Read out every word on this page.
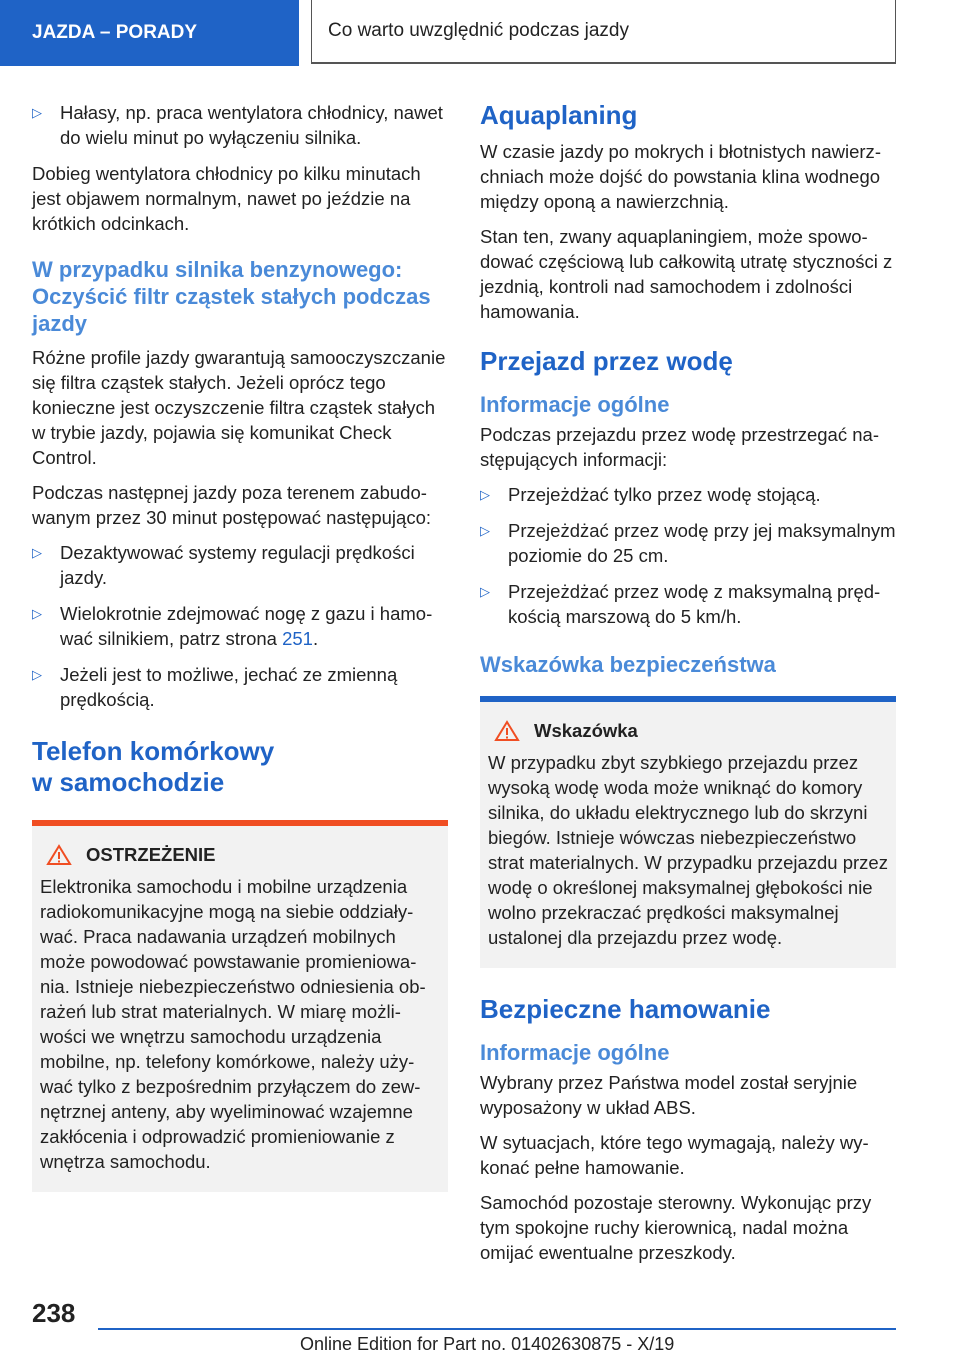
JAZDA – PORADY	Co warto uwzględnić podczas jazdy
▷ Hałasy, np. praca wentylatora chłodnicy, nawet do wielu minut po wyłączeniu silnika.

Dobieg wentylatora chłodnicy po kilku minutach jest objawem normalnym, nawet po jeździe na krótkich odcinkach.

W przypadku silnika benzynowego: Oczyścić filtr cząstek stałych podczas jazdy

Różne profile jazdy gwarantują samooczyszczanie się filtra cząstek stałych. Jeżeli oprócz tego konieczne jest oczyszczenie filtra cząstek stałych w trybie jazdy, pojawia się komunikat Check Control.

Podczas następnej jazdy poza terenem zabudowanym przez 30 minut postępować następująco:

▷ Dezaktywować systemy regulacji prędkości jazdy.
▷ Wielokrotnie zdejmować nogę z gazu i hamować silnikiem, patrz strona 251.
▷ Jeżeli jest to możliwe, jechać ze zmienną prędkością.
Telefon komórkowy w samochodzie
OSTRZEŻENIE

Elektronika samochodu i mobilne urządzenia radiokomunikacyjne mogą na siebie oddziaływać. Praca nadawania urządzeń mobilnych może powodować powstawanie promieniowania. Istnieje niebezpieczeństwo odniesienia obrażeń lub strat materialnych. W miarę możliwości we wnętrzu samochodu urządzenia mobilne, np. telefony komórkowe, należy używać tylko z bezpośrednim przyłączem do zewnętrznej anteny, aby wyeliminować wzajemne zakłócenia i odprowadzić promieniowanie z wnętrza samochodu.

Aquaplaning

W czasie jazdy po mokrych i błotnistych nawierzchniach może dojść do powstania klina wodnego między oponą a nawierzchnią.

Stan ten, zwany aquaplaningiem, może spowodować częściową lub całkowitą utratę styczności z jezdnią, kontroli nad samochodem i zdolności hamowania.

Przejazd przez wodę
Informacje ogólne

Podczas przejazdu przez wodę przestrzegać następujących informacji:

▷ Przejeżdżać tylko przez wodę stojącą.
▷ Przejeżdżać przez wodę przy jej maksymalnym poziomie do 25 cm.
▷ Przejeżdżać przez wodę z maksymalną prędkością marszową do 5 km/h.
Wskazówka bezpieczeństwa
Wskazówka

W przypadku zbyt szybkiego przejazdu przez wysoką wodę woda może wniknąć do komory silnika, do układu elektrycznego lub do skrzyni biegów. Istnieje wówczas niebezpieczeństwo strat materialnych. W przypadku przejazdu przez wodę o określonej maksymalnej głębokości nie wolno przekraczać prędkości maksymalnej ustalonej dla przejazdu przez wodę.

Bezpieczne hamowanie
Informacje ogólne

Wybrany przez Państwa model został seryjnie wyposażony w układ ABS.

W sytuacjach, które tego wymagają, należy wykonać pełne hamowanie.

Samochód pozostaje sterowny. Wykonując przy tym spokojne ruchy kierownicą, nadal można omijać ewentualne przeszkody.

238
Online Edition for Part no. 01402630875 - X/19
